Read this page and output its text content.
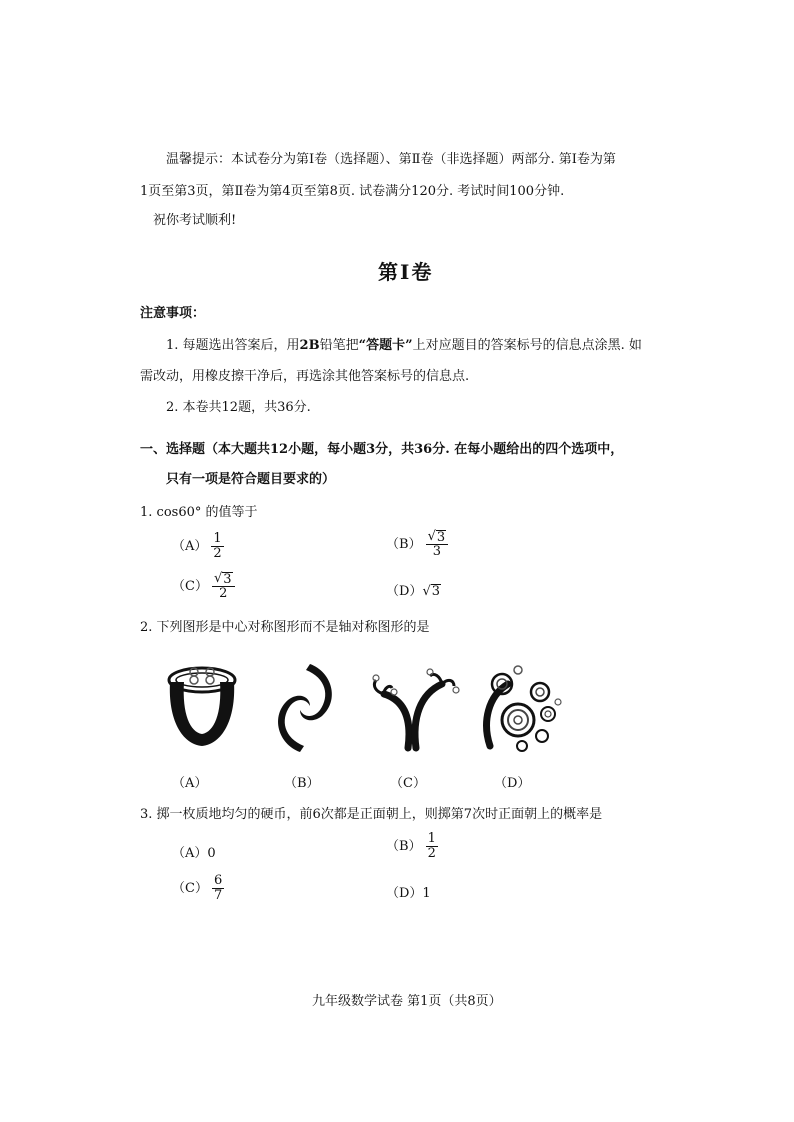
温馨提示：本试卷分为第Ⅰ卷（选择题）、第Ⅱ卷（非选择题）两部分. 第Ⅰ卷为第
1页至第3页，第Ⅱ卷为第4页至第8页. 试卷满分120分. 考试时间100分钟.
祝你考试顺利!
第Ⅰ卷
注意事项：
1. 每题选出答案后，用2B铅笔把“答题卡”上对应题目的答案标号的信息点涂黑. 如
需改动，用橡皮擦干净后，再选涂其他答案标号的信息点.
2. 本卷共12题，共36分.
一、选择题（本大题共12小题，每小题3分，共36分. 在每小题给出的四个选项中，
只有一项是符合题目要求的）
1. cos60° 的值等于
$(A) \frac{1}{2}$	$(B) \frac{√ 3}{3}$
$(C) \frac{√ 3}{2}$	（D） √ 3
2. 下列图形是中心对称图形而不是轴对称图形的是
（A）	（B）	（C）	（D）
3. 掷一枚质地均匀的硬币，前6次都是正面朝上，则掷第7次时正面朝上的概率是
（A）0	$(B) \frac{1}{2}$
$(C) \frac{6}{7}$	（D）1
九年级数学试卷 第1页（共8页）
